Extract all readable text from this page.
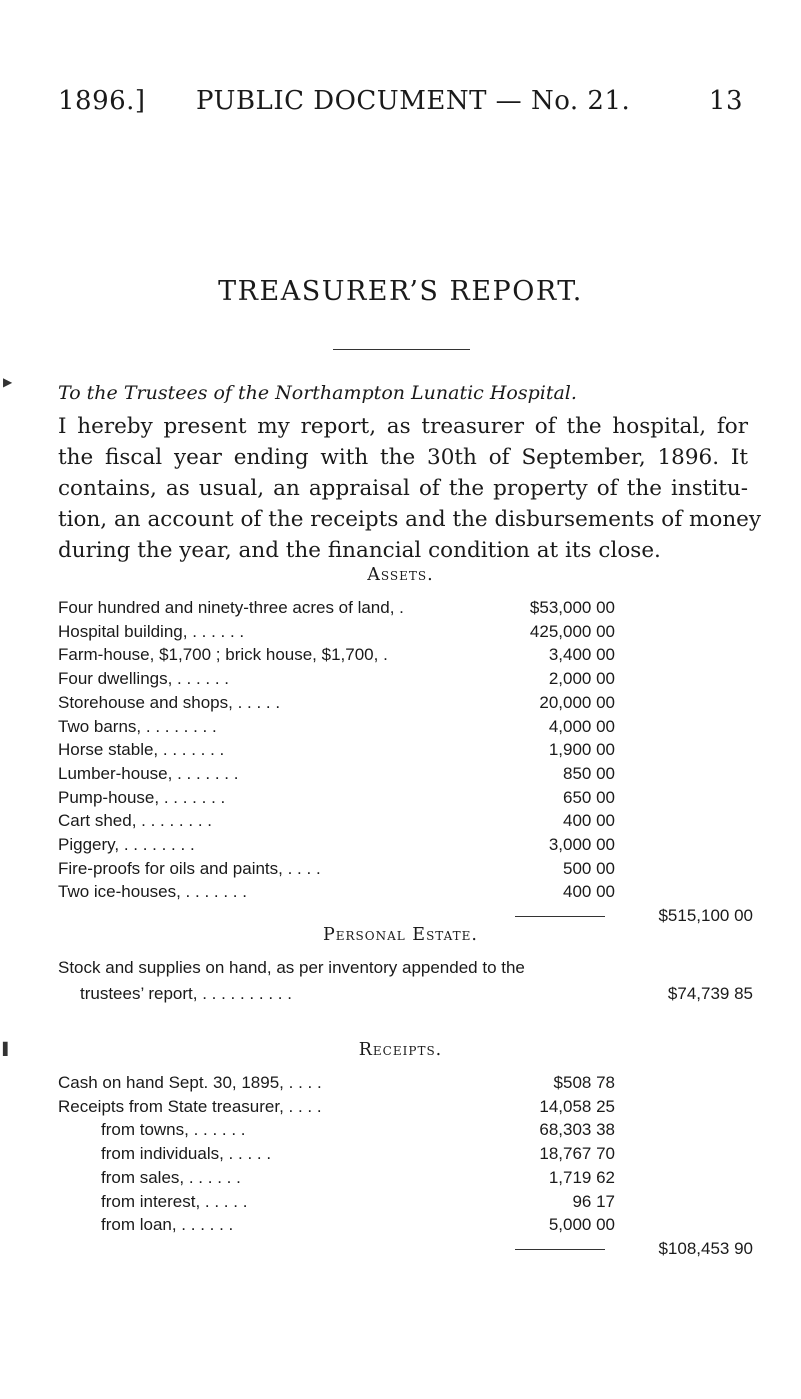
1896.] PUBLIC DOCUMENT — No. 21.	13
▶
▌
TREASURER’S REPORT.
To the Trustees of the Northampton Lunatic Hospital.
I hereby present my report, as treasurer of the hospital, for
the fiscal year ending with the 30th of September, 1896. It
contains, as usual, an appraisal of the property of the institu-
tion, an account of the receipts and the disbursements of money
during the year, and the financial condition at its close.
Assets.
Four hundred and ninety-three acres of land, .	$53,000 00
Hospital building, . . . . . .	425,000 00
Farm-house, $1,700 ; brick house, $1,700, .	3,400 00
Four dwellings, . . . . . .	2,000 00
Storehouse and shops, . . . . .	20,000 00
Two barns, . . . . . . . .	4,000 00
Horse stable, . . . . . . .	1,900 00
Lumber-house, . . . . . . .	850 00
Pump-house, . . . . . . .	650 00
Cart shed, . . . . . . . .	400 00
Piggery, . . . . . . . .	3,000 00
Fire-proofs for oils and paints, . . . .	500 00
Two ice-houses, . . . . . . .	400 00
$515,100 00
Personal Estate.
Stock and supplies on hand, as per inventory appended to the
trustees’ report, . . . . . . . . . .	$74,739 85
Receipts.
Cash on hand Sept. 30, 1895, . . . .	$508 78
Receipts from State treasurer, . . . .	14,058 25
from towns, . . . . . .	68,303 38
from individuals, . . . . .	18,767 70
from sales, . . . . . .	1,719 62
from interest, . . . . .	96 17
from loan, . . . . . .	5,000 00
$108,453 90
